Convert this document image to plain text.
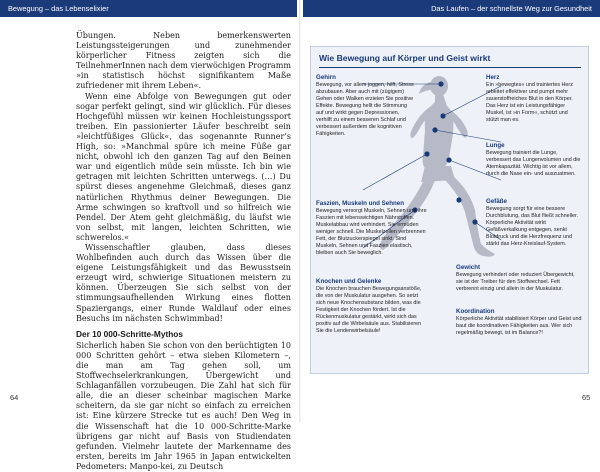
Bewegung – das Lebenselixier	Das Laufen – der schnellste Weg zur Gesundheit

Übungen. Neben bemerkenswerten Leistungssteigerungen und zunehmender körperlicher Fitness zeigten sich die TeilnehmerInnen nach dem vierwöchigen Programm »in statistisch höchst signifikantem Maße zufriedener mit ihrem Leben«.

Wenn eine Abfolge von Bewegungen gut oder sogar perfekt gelingt, sind wir glücklich. Für dieses Hochgefühl müssen wir keinen Hochleistungssport treiben. Ein passionierter Läufer beschreibt sein »leichtfüßiges Glück«, das sogenannte Runner’s High, so: »Manchmal spüre ich meine Füße gar nicht, obwohl ich den ganzen Tag auf den Beinen war und eigentlich müde sein müsste. Ich bin wie getragen mit leichten Schritten unterwegs. (…) Du spürst dieses angenehme Gleichmaß, dieses ganz natürlichen Rhythmus deiner Bewegungen. Die Arme schwingen so kraftvoll und so hilfreich wie Pendel. Der Atem geht gleichmäßig, du läufst wie von selbst, mit langen, leichten Schritten, wie schwerelos.«

Wissenschaftler glauben, dass dieses Wohlbefinden auch durch das Wissen über die eigene Leistungsfähigkeit und das Bewusstsein erzeugt wird, schwierige Situationen meistern zu können. Überzeugen Sie sich selbst von der stimmungsaufhellenden Wirkung eines flotten Spaziergangs, einer Runde Waldlauf oder eines Besuchs im nächsten Schwimmbad!

Der 10 000-Schritte-Mythos

Sicherlich haben Sie schon von den berüchtigten 10 000 Schritten gehört – etwa sieben Kilometern –, die man am Tag gehen soll, um Stoffwechselerkrankungen, Übergewicht und Schlaganfällen vorzubeugen. Die Zahl hat sich für alle, die an dieser scheinbar magischen Marke scheitern, da sie gar nicht so einfach zu erreichen ist: Eine kürzere Strecke tut es auch! Den Weg in die Wissenschaft hat die 10 000-Schritte-Marke übrigens gar nicht auf Basis von Studiendaten gefunden. Vielmehr lautete der Markenname des ersten, bereits im Jahr 1965 in Japan entwickelten Pedometers: Manpo-kei, zu Deutsch

64	65
Wie Bewegung auf Körper und Geist wirkt
Gehirn
Bewegung, vor allem joggen, hilft, Stress abzubauen. Aber auch mit (zügigem) Gehen oder Walken erzielen Sie positive Effekte. Bewegung hellt die Stimmung auf und wirkt gegen Depressionen, verhilft zu einem besseren Schlaf und verbessert außerdem die kognitiven Fähigkeiten.
Faszien, Muskeln und Sehnen
Bewegung versorgt Muskeln, Sehnen und ihre Faszien mit lebenswichtigen Nährstoffen. Muskelabbau wird verhindert. Sie ermüden weniger schnell. Die Muskelzellen verbrennen Fett, der Blutzuckerspiegel sinkt. Sind Muskeln, Sehnen und Faszien elastisch, bleiben auch Sie beweglich.
Knochen und Gelenke
Die Knochen brauchen Bewegungsanstöße, die von der Muskulatur ausgehen. So setzt sich neue Knochensubstanz bilden, was die Festigkeit der Knochen fördert. Ist die Rückenmuskulatur gestärkt, wirkt sich das positiv auf die Wirbelsäule aus. Stabilisieren Sie die Lendenwirbelsäule!
Herz
Ein »bewegtes« und trainiertes Herz arbeitet effektiver und pumpt mehr sauerstoffreiches Blut in den Körper. Das Herz ist ein Leistungsfähiger Muskel, ist »in Form«, schützt und stützt man es.
Lunge
Bewegung trainiert die Lunge, verbessert das Lungenvolumen und die Atemkapazität. Wichtig ist vor allem, durch die Nase ein- und auszuatmen.
Gefäße
Bewegung sorgt für eine bessere Durchblutung, das Blut fließt schneller. Körperliche Aktivität wirkt Gefäßverkalkung entgegen, senkt Blutdruck und die Herzfrequenz und stärkt das Herz-Kreislauf-System.
Gewicht
Bewegung verhindert oder reduziert Übergewicht, sie ist der Treiber für den Stoffwechsel. Fett verbrennt einzig und allein in der Muskulatur.
Koordination
Körperliche Aktivität stabilisiert Körper und Geist und baut die koordinativen Fähigkeiten aus. Wer sich regelmäßig bewegt, ist im Balance?!
